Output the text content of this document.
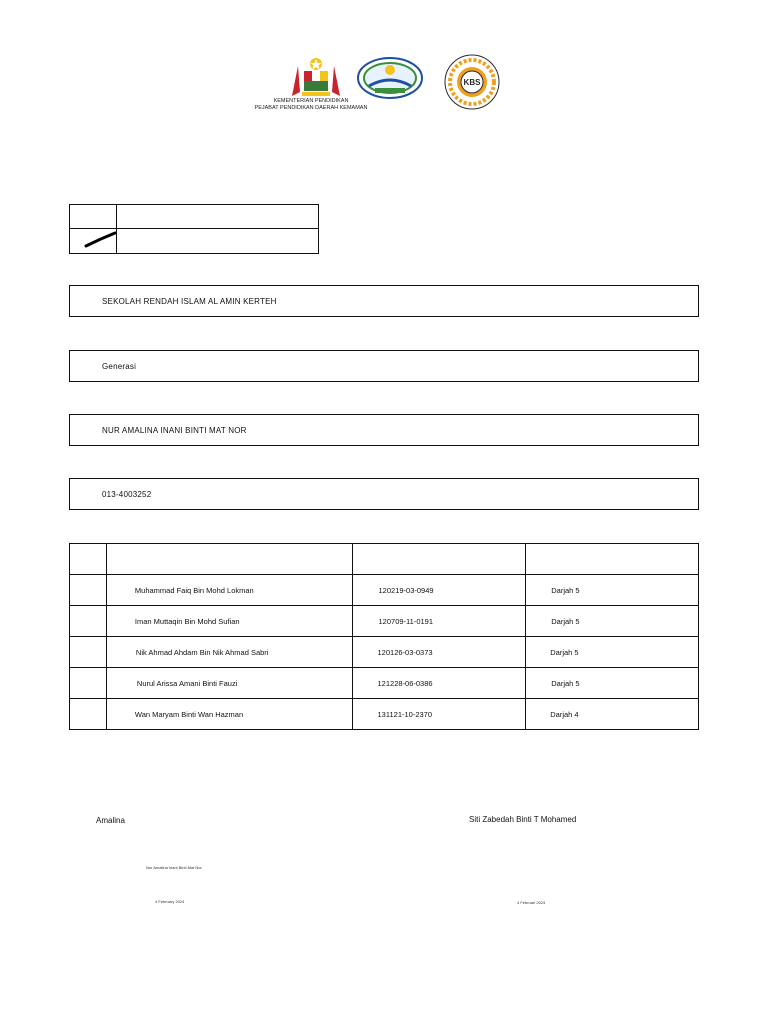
KBS
KEMENTERIAN PENDIDIKAN
PEJABAT PENDIDIKAN DAERAH KEMAMAN
SEKOLAH RENDAH ISLAM AL AMIN KERTEH
Generasi
NUR AMALINA INANI BINTI MAT NOR
013-4003252

	Muhammad Faiq Bin Mohd Lokman	120219-03-0949	Darjah 5
	Iman Muttaqin Bin Mohd Sufian	120709-11-0191	Darjah 5
	Nik Ahmad Ahdam Bin Nik Ahmad Sabri	120126-03-0373	Darjah 5
	Nurul Arissa Amani Binti Fauzi	121228-06-0386	Darjah 5
	Wan Maryam Binti Wan Hazman	131121-10-2370	Darjah 4
Amalina	Siti Zabedah Binti T Mohamed
Nur Amalina Inani Binti Mat Nor
4 February 2024	4 Februari 2024
